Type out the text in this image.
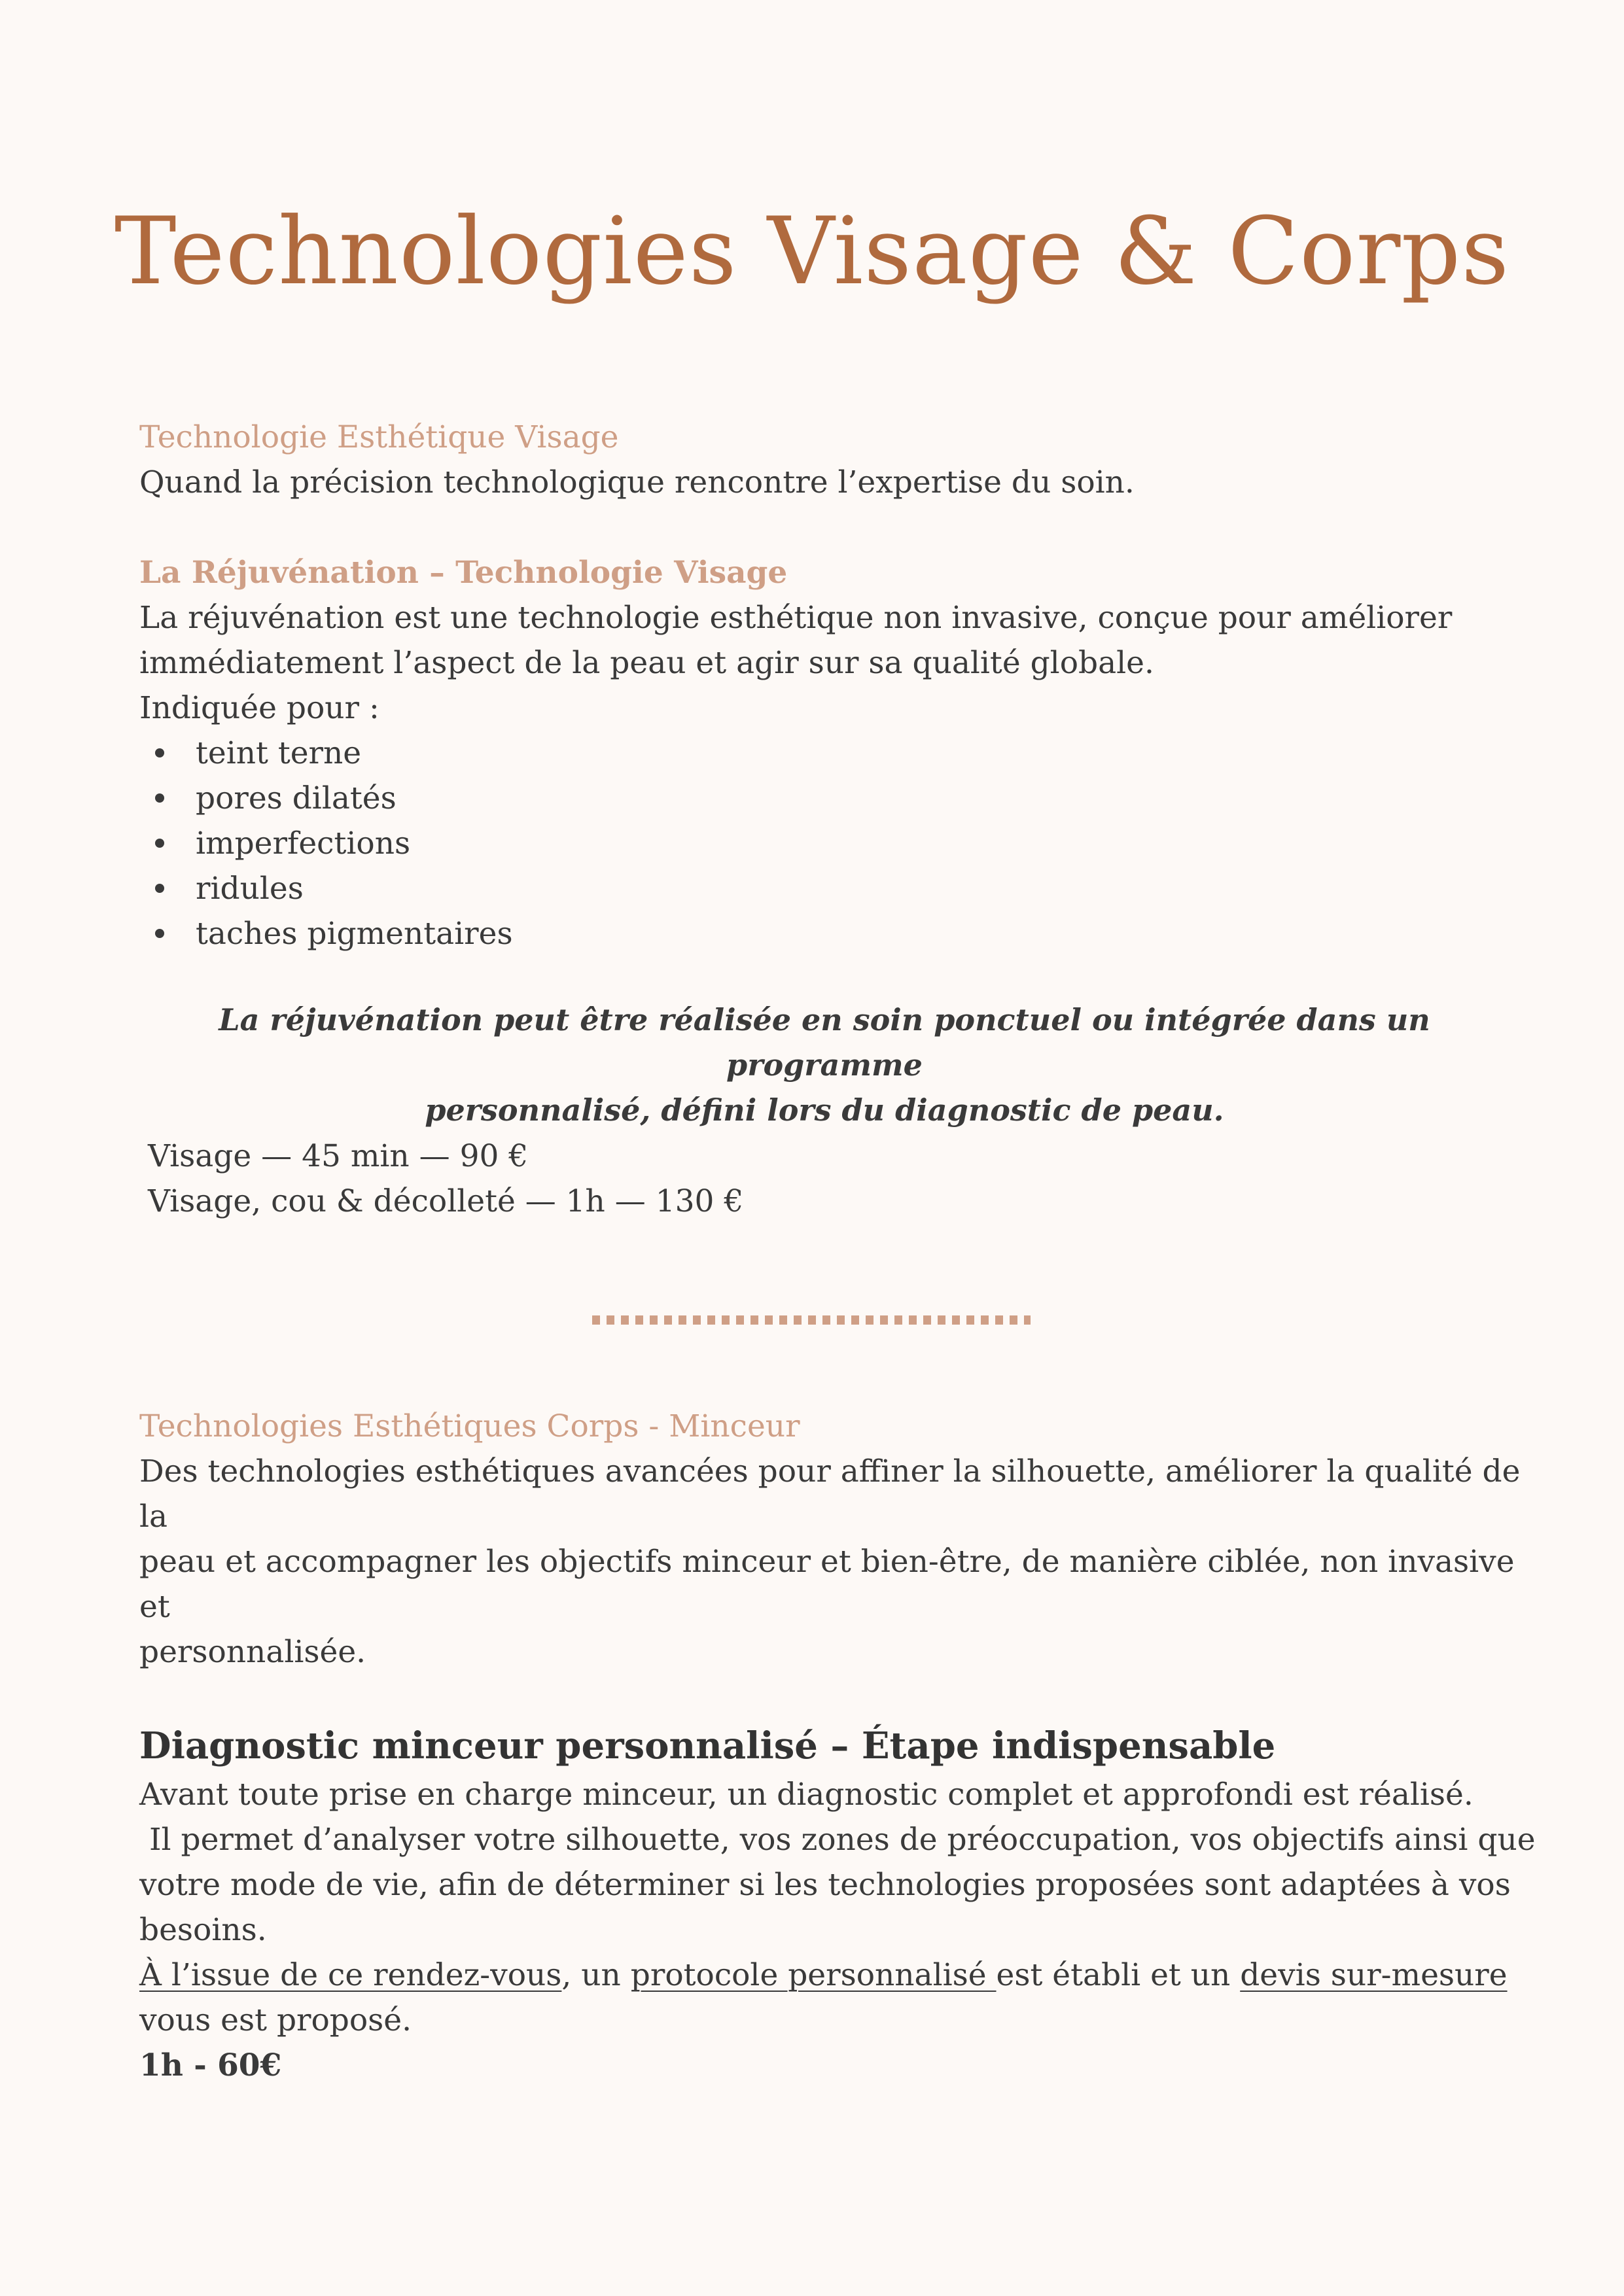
Technologies Visage & Corps
Technologie Esthétique Visage
Quand la précision technologique rencontre l’expertise du soin.
La Réjuvénation – Technologie Visage
La réjuvénation est une technologie esthétique non invasive, conçue pour améliorer
immédiatement l’aspect de la peau et agir sur sa qualité globale.
Indiquée pour :
teint terne
pores dilatés
imperfections
ridules
taches pigmentaires
La réjuvénation peut être réalisée en soin ponctuel ou intégrée dans un programme
personnalisé, défini lors du diagnostic de peau.
Visage — 45 min — 90 €
Visage, cou & décolleté — 1h — 130 €
Technologies Esthétiques Corps - Minceur
Des technologies esthétiques avancées pour affiner la silhouette, améliorer la qualité de la
peau et accompagner les objectifs minceur et bien-être, de manière ciblée, non invasive et
personnalisée.
Diagnostic minceur personnalisé – Étape indispensable
Avant toute prise en charge minceur, un diagnostic complet et approfondi est réalisé.
Il permet d’analyser votre silhouette, vos zones de préoccupation, vos objectifs ainsi que
votre mode de vie, afin de déterminer si les technologies proposées sont adaptées à vos
besoins.
À l’issue de ce rendez-vous, un protocole personnalisé est établi et un devis sur-mesure
vous est proposé.
1h - 60€
